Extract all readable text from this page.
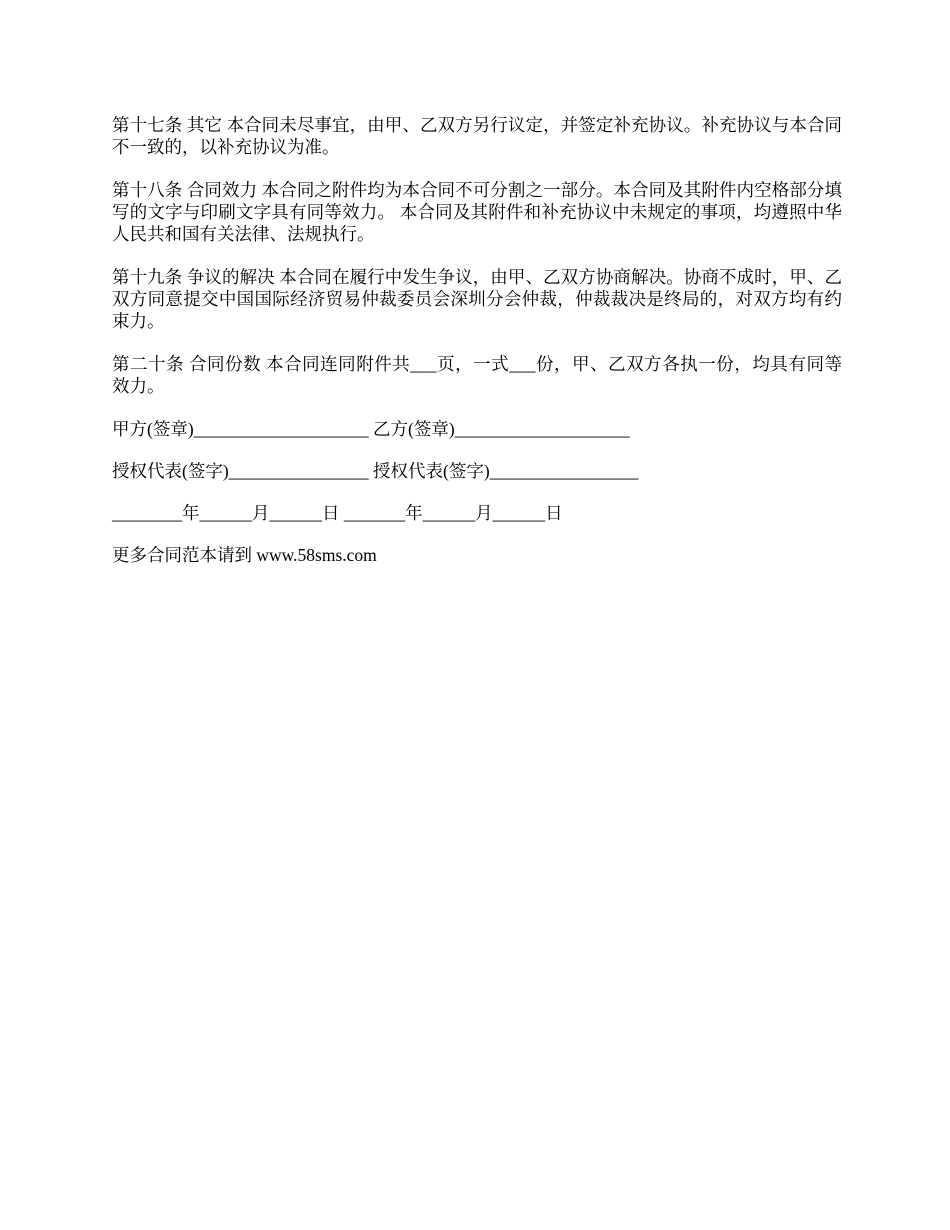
第十七条 其它 本合同未尽事宜，由甲、乙双方另行议定，并签定补充协议。补充协议与本合同不一致的，以补充协议为准。

第十八条 合同效力 本合同之附件均为本合同不可分割之一部分。本合同及其附件内空格部分填写的文字与印刷文字具有同等效力。 本合同及其附件和补充协议中未规定的事项，均遵照中华人民共和国有关法律、法规执行。

第十九条 争议的解决 本合同在履行中发生争议，由甲、乙双方协商解决。协商不成时，甲、乙双方同意提交中国国际经济贸易仲裁委员会深圳分会仲裁，仲裁裁决是终局的，对双方均有约束力。

第二十条 合同份数 本合同连同附件共___页，一式___份，甲、乙双方各执一份，均具有同等 效力。

甲方(签章)____________________ 乙方(签章)____________________
授权代表(签字)________________ 授权代表(签字)_________________
________年______月______日 _______年______月______日
更多合同范本请到 www.58sms.com
